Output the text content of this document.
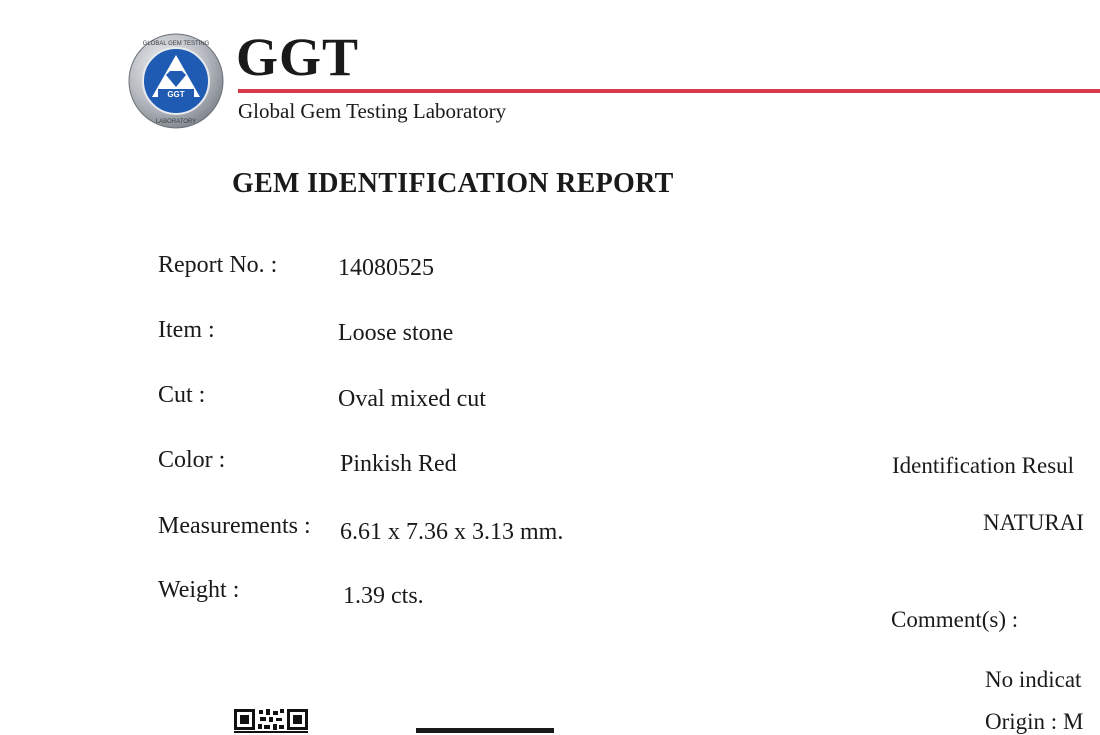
GGT
GLOBAL GEM TESTING
LABORATORY
GGT
Global Gem Testing Laboratory
GEM IDENTIFICATION REPORT
Report No. :
Item :
Cut :
Color :
Measurements :
Weight :
14080525
Loose stone
Oval mixed cut
Pinkish Red
6.61 x 7.36 x 3.13 mm.
1.39 cts.
Identification Resul
NATURAI
Comment(s) :
No indicat
Origin : M
